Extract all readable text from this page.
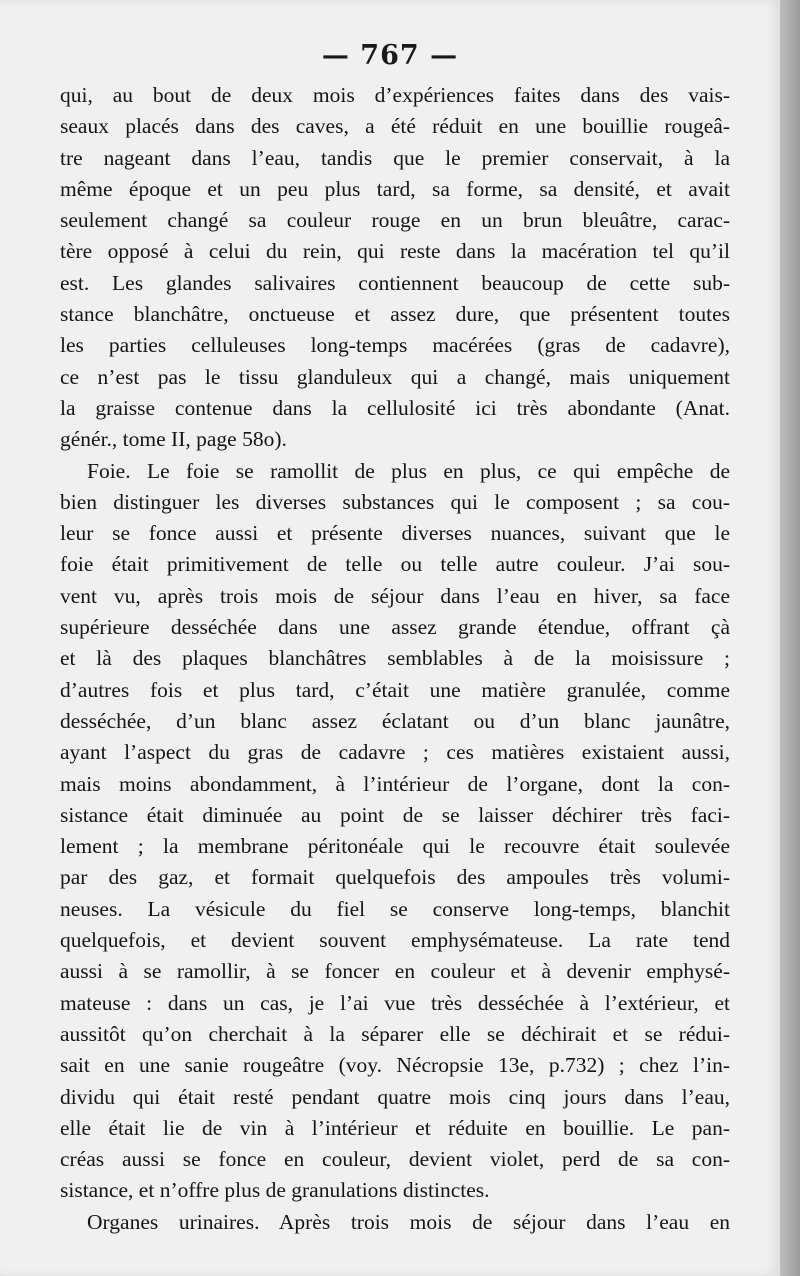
— 767 —
qui, au bout de deux mois d’expériences faites dans des vais-
seaux placés dans des caves, a été réduit en une bouillie rougeâ-
tre nageant dans l’eau, tandis que le premier conservait, à la
même époque et un peu plus tard, sa forme, sa densité, et avait
seulement changé sa couleur rouge en un brun bleuâtre, carac-
tère opposé à celui du rein, qui reste dans la macération tel qu’il
est. Les glandes salivaires contiennent beaucoup de cette sub-
stance blanchâtre, onctueuse et assez dure, que présentent toutes
les parties celluleuses long-temps macérées (gras de cadavre),
ce n’est pas le tissu glanduleux qui a changé, mais uniquement
la graisse contenue dans la cellulosité ici très abondante (Anat.
génér., tome II, page 58o).
Foie. Le foie se ramollit de plus en plus, ce qui empêche de
bien distinguer les diverses substances qui le composent ; sa cou-
leur se fonce aussi et présente diverses nuances, suivant que le
foie était primitivement de telle ou telle autre couleur. J’ai sou-
vent vu, après trois mois de séjour dans l’eau en hiver, sa face
supérieure desséchée dans une assez grande étendue, offrant çà
et là des plaques blanchâtres semblables à de la moisissure ;
d’autres fois et plus tard, c’était une matière granulée, comme
desséchée, d’un blanc assez éclatant ou d’un blanc jaunâtre,
ayant l’aspect du gras de cadavre ; ces matières existaient aussi,
mais moins abondamment, à l’intérieur de l’organe, dont la con-
sistance était diminuée au point de se laisser déchirer très faci-
lement ; la membrane péritonéale qui le recouvre était soulevée
par des gaz, et formait quelquefois des ampoules très volumi-
neuses. La vésicule du fiel se conserve long-temps, blanchit
quelquefois, et devient souvent emphysémateuse. La rate tend
aussi à se ramollir, à se foncer en couleur et à devenir emphysé-
mateuse : dans un cas, je l’ai vue très desséchée à l’extérieur, et
aussitôt qu’on cherchait à la séparer elle se déchirait et se rédui-
sait en une sanie rougeâtre (voy. Nécropsie 13e, p.732) ; chez l’in-
dividu qui était resté pendant quatre mois cinq jours dans l’eau,
elle était lie de vin à l’intérieur et réduite en bouillie. Le pan-
créas aussi se fonce en couleur, devient violet, perd de sa con-
sistance, et n’offre plus de granulations distinctes.
Organes urinaires. Après trois mois de séjour dans l’eau en
